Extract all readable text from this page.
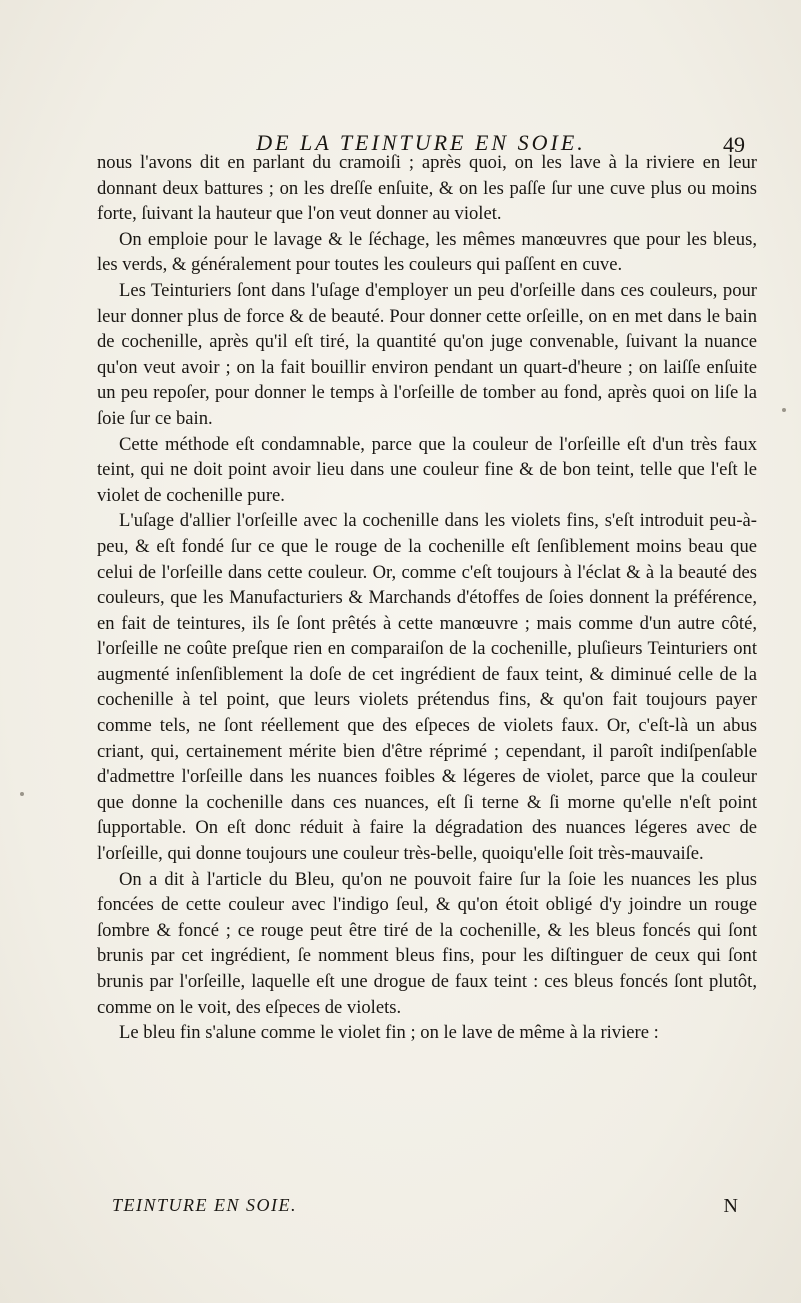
DE LA TEINTURE EN SOIE.	49

nous l'avons dit en parlant du cramoiſi ; après quoi, on les lave à la riviere en leur donnant deux battures ; on les dreſſe enſuite, & on les paſſe ſur une cuve plus ou moins forte, ſuivant la hauteur que l'on veut donner au violet.

On emploie pour le lavage & le ſéchage, les mêmes manœuvres que pour les bleus, les verds, & généralement pour toutes les couleurs qui paſſent en cuve.

Les Teinturiers ſont dans l'uſage d'employer un peu d'orſeille dans ces couleurs, pour leur donner plus de force & de beauté. Pour donner cette orſeille, on en met dans le bain de cochenille, après qu'il eſt tiré, la quantité qu'on juge convenable, ſuivant la nuance qu'on veut avoir ; on la fait bouillir environ pendant un quart-d'heure ; on laiſſe enſuite un peu repoſer, pour donner le temps à l'orſeille de tomber au fond, après quoi on liſe la ſoie ſur ce bain.

Cette méthode eſt condamnable, parce que la couleur de l'orſeille eſt d'un très faux teint, qui ne doit point avoir lieu dans une couleur fine & de bon teint, telle que l'eſt le violet de cochenille pure.

L'uſage d'allier l'orſeille avec la cochenille dans les violets fins, s'eſt introduit peu-à-peu, & eſt fondé ſur ce que le rouge de la cochenille eſt ſenſiblement moins beau que celui de l'orſeille dans cette couleur. Or, comme c'eſt toujours à l'éclat & à la beauté des couleurs, que les Manufacturiers & Marchands d'étoffes de ſoies donnent la préférence, en fait de teintures, ils ſe ſont prêtés à cette manœuvre ; mais comme d'un autre côté, l'orſeille ne coûte preſque rien en comparaiſon de la cochenille, pluſieurs Teinturiers ont augmenté inſenſiblement la doſe de cet ingrédient de faux teint, & diminué celle de la cochenille à tel point, que leurs violets prétendus fins, & qu'on fait toujours payer comme tels, ne ſont réellement que des eſpeces de violets faux. Or, c'eſt-là un abus criant, qui, certainement mérite bien d'être réprimé ; cependant, il paroît indiſpenſable d'admettre l'orſeille dans les nuances foibles & légeres de violet, parce que la couleur que donne la cochenille dans ces nuances, eſt ſi terne & ſi morne qu'elle n'eſt point ſupportable. On eſt donc réduit à faire la dégradation des nuances légeres avec de l'orſeille, qui donne toujours une couleur très-belle, quoiqu'elle ſoit très-mauvaiſe.

On a dit à l'article du Bleu, qu'on ne pouvoit faire ſur la ſoie les nuances les plus foncées de cette couleur avec l'indigo ſeul, & qu'on étoit obligé d'y joindre un rouge ſombre & foncé ; ce rouge peut être tiré de la cochenille, & les bleus foncés qui ſont brunis par cet ingrédient, ſe nomment bleus fins, pour les diſtinguer de ceux qui ſont brunis par l'orſeille, laquelle eſt une drogue de faux teint : ces bleus foncés ſont plutôt, comme on le voit, des eſpeces de violets.

Le bleu fin s'alune comme le violet fin ; on le lave de même à la riviere :

TEINTURE EN SOIE.	N
